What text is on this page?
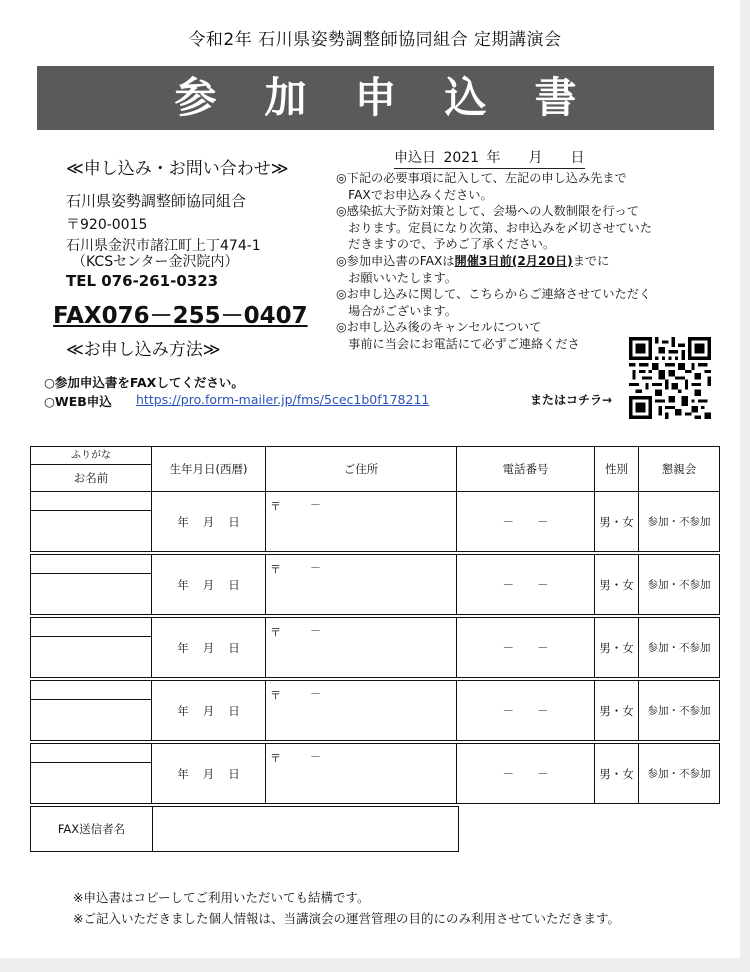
令和2年 石川県姿勢調整師協同組合 定期講演会
参加申込書
≪申し込み・お問い合わせ≫
石川県姿勢調整師協同組合
〒920-0015
石川県金沢市諸江町上丁474-1
（KCSセンター金沢院内）
TEL 076-261-0323
FAX076－255－0407
≪お申し込み方法≫
○参加申込書をFAXしてください。
○WEB申込 https://pro.form-mailer.jp/fms/5cec1b0f178211
申込日 2021 年　　月　　日
◎下記の必要事項に記入して、左記の申し込み先まで
　FAXでお申込みください。
◎感染拡大予防対策として、会場への人数制限を行って
　おります。定員になり次第、お申込みを〆切させていた
　だきますので、予めご了承ください。
◎参加申込書のFAXは開催3日前(2月20日)までに
　お願いいたします。
◎お申し込みに関して、こちらからご連絡させていただく
　場合がございます。
◎お申し込み後のキャンセルについて
　事前に当会にお電話にて必ずご連絡くださ
またはコチラ→
ふりがな
お名前	生年月日(西暦)	ご住所	電話番号	性別	懇親会

	年月日	〒 －	－　　－	男・女	参加・不参加

	年月日	〒 －	－　　－	男・女	参加・不参加

	年月日	〒 －	－　　－	男・女	参加・不参加

	年月日	〒 －	－　　－	男・女	参加・不参加

	年月日	〒 －	－　　－	男・女	参加・不参加
FAX送信者名
※申込書はコピーしてご利用いただいても結構です。
※ご記入いただきました個人情報は、当講演会の運営管理の目的にのみ利用させていただきます。
